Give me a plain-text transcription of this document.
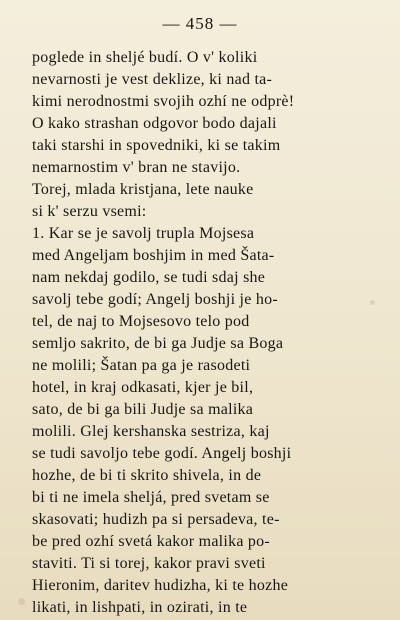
— 458 —
poglede in sheljé budí. O v' koliki
nevarnosti je vest deklize, ki nad ta-
kimi nerodnostmi svojih ozhí ne odprè!
O kako strashan odgovor bodo dajali
taki starshi in spovedniki, ki se takim
nemarnostim v' bran ne stavijo.
Torej, mlada kristjana, lete nauke
si k' serzu vsemi:
1. Kar se je savolj trupla Mojsesa
med Angeljam boshjim in med Šata-
nam nekdaj godilo, se tudi sdaj she
savolj tebe godí; Angelj boshji je ho-
tel, de naj to Mojsesovo telo pod
semljo sakrito, de bi ga Judje sa Boga
ne molili; Šatan pa ga je rasodeti
hotel, in kraj odkasati, kjer je bil,
sato, de bi ga bili Judje sa malika
molili. Glej kershanska sestriza, kaj
se tudi savoljo tebe godí. Angelj boshji
hozhe, de bi ti skrito shivela, in de
bi ti ne imela sheljá, pred svetam se
skasovati; hudizh pa si persadeva, te-
be pred ozhí svetá kakor malika po-
staviti. Ti si torej, kakor pravi sveti
Hieronim, daritev hudizha, ki te hozhe
likati, in lishpati, in ozirati, in te
